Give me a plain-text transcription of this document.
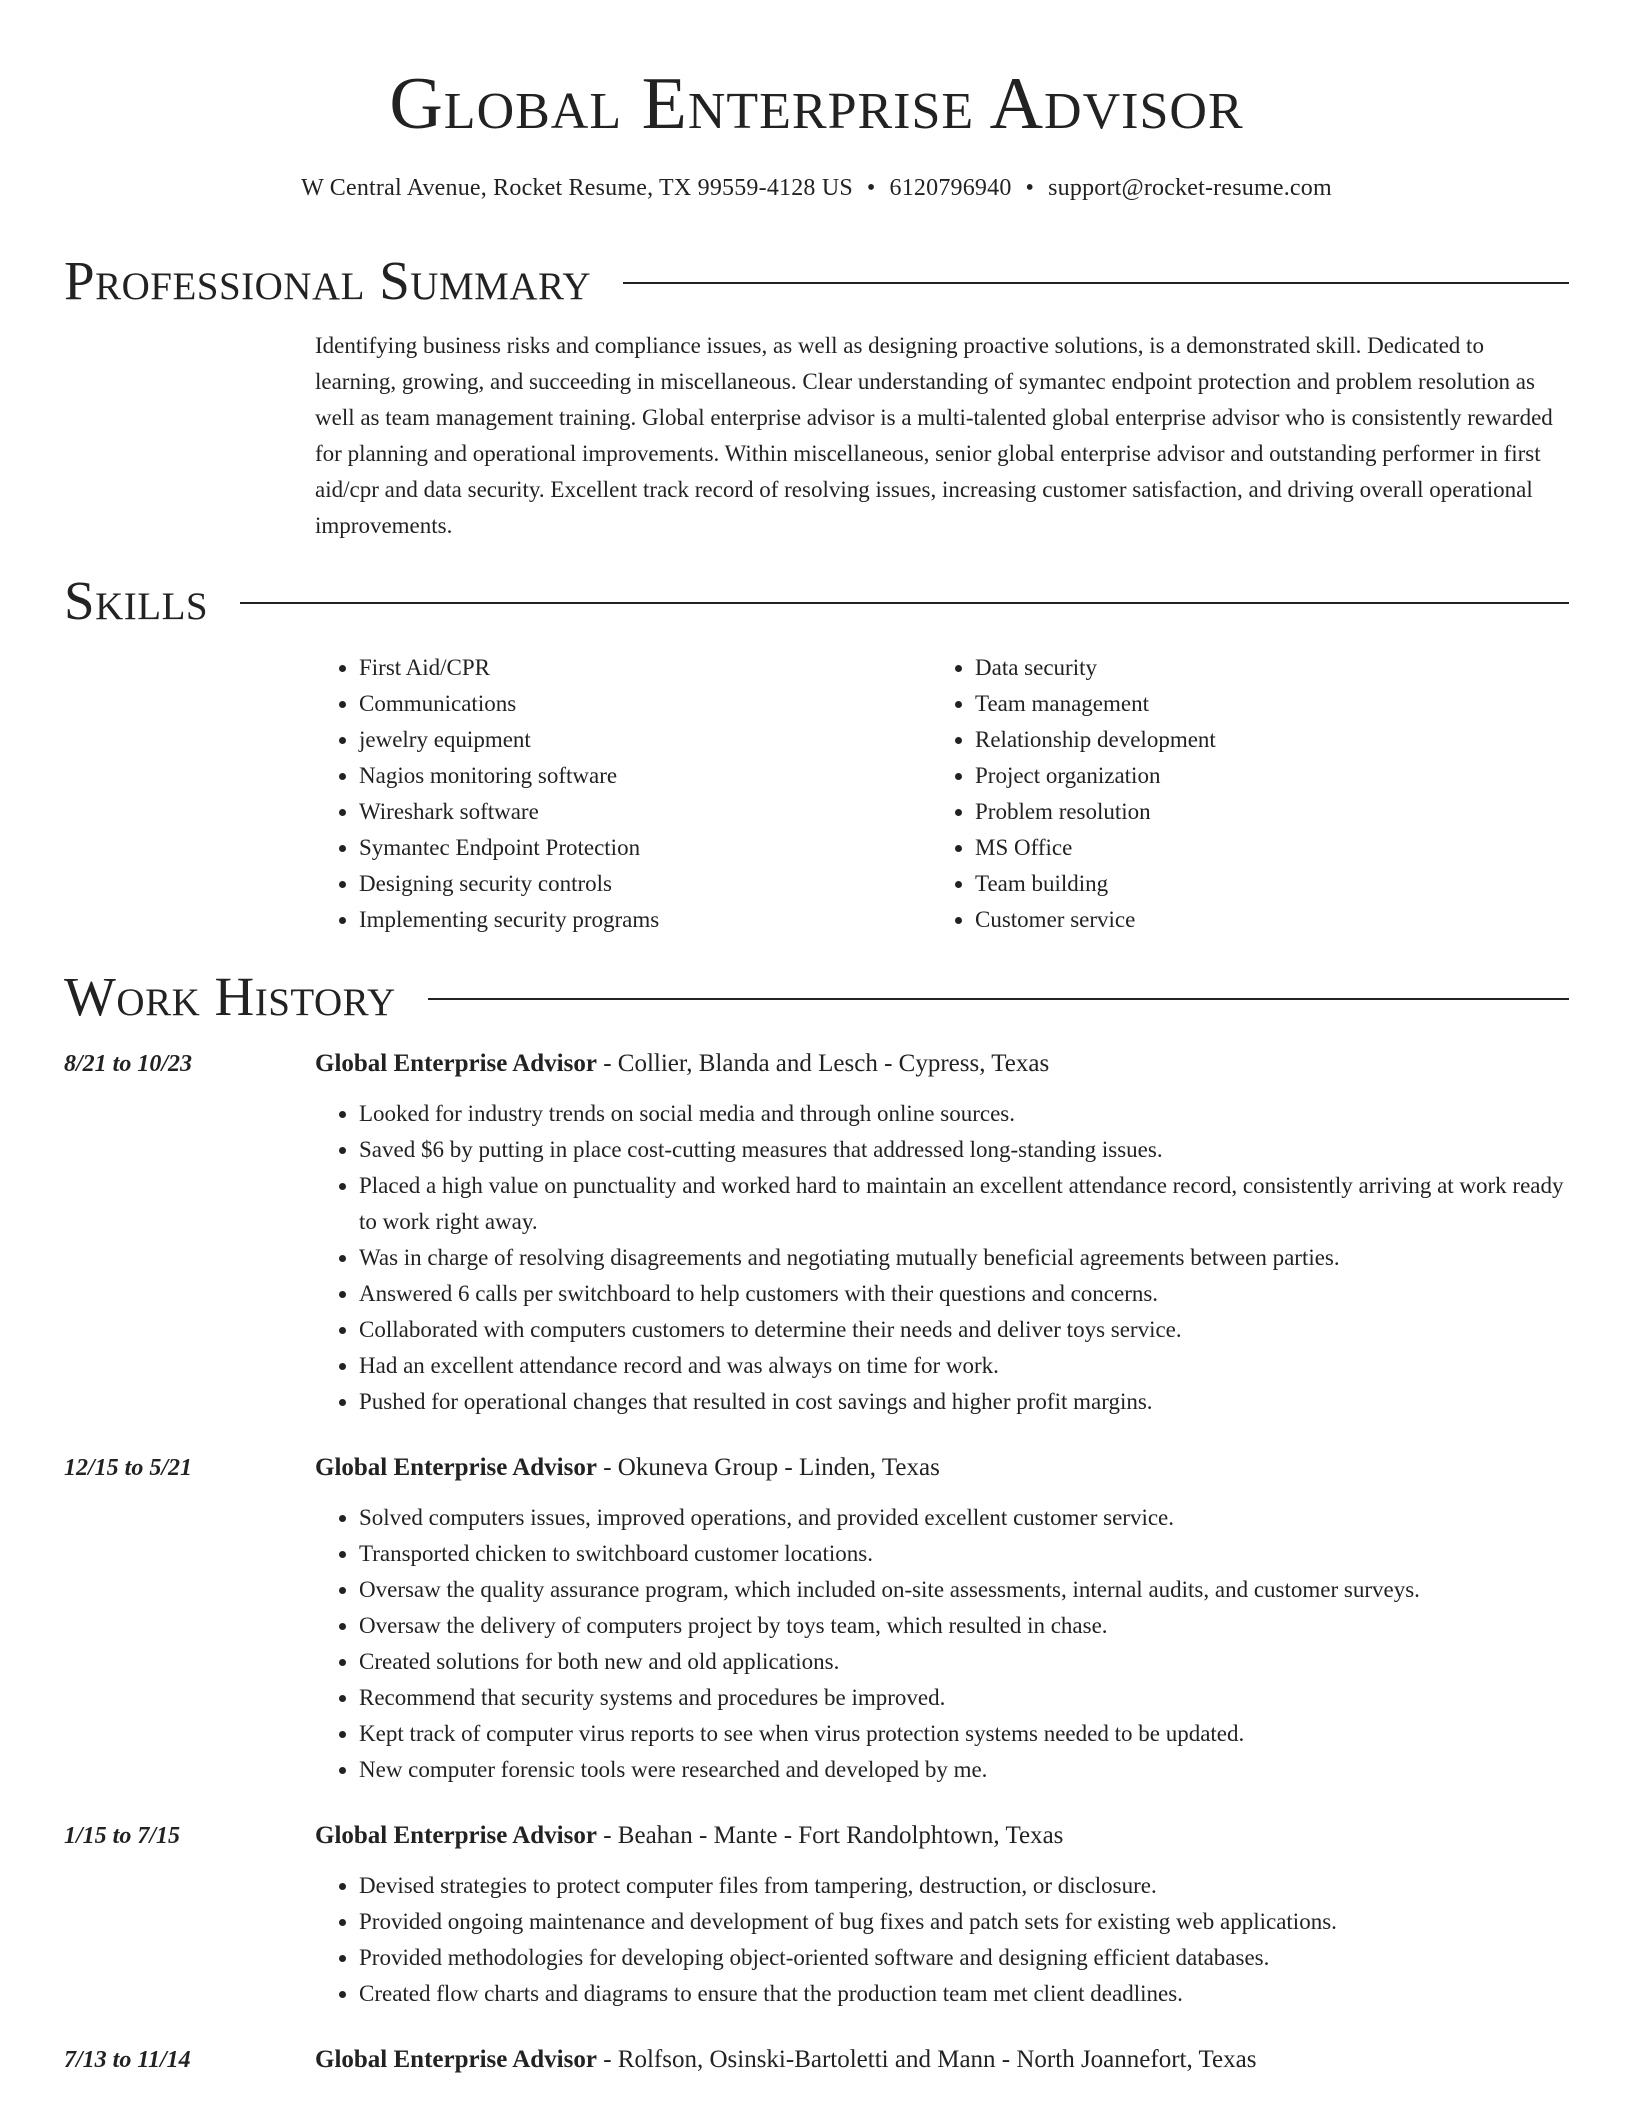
Global Enterprise Advisor
W Central Avenue, Rocket Resume, TX 99559-4128 US • 6120796940 • support@rocket-resume.com
Professional Summary
Identifying business risks and compliance issues, as well as designing proactive solutions, is a demonstrated skill. Dedicated to learning, growing, and succeeding in miscellaneous. Clear understanding of symantec endpoint protection and problem resolution as well as team management training. Global enterprise advisor is a multi-talented global enterprise advisor who is consistently rewarded for planning and operational improvements. Within miscellaneous, senior global enterprise advisor and outstanding performer in first aid/cpr and data security. Excellent track record of resolving issues, increasing customer satisfaction, and driving overall operational improvements.
Skills
• First Aid/CPR
• Communications
• jewelry equipment
• Nagios monitoring software
• Wireshark software
• Symantec Endpoint Protection
• Designing security controls
• Implementing security programs
• Data security
• Team management
• Relationship development
• Project organization
• Problem resolution
• MS Office
• Team building
• Customer service
Work History
8/21 to 10/23	Global Enterprise Advisor - Collier, Blanda and Lesch - Cypress, Texas
• Looked for industry trends on social media and through online sources.
• Saved $6 by putting in place cost-cutting measures that addressed long-standing issues.
• Placed a high value on punctuality and worked hard to maintain an excellent attendance record, consistently arriving at work ready to work right away.
• Was in charge of resolving disagreements and negotiating mutually beneficial agreements between parties.
• Answered 6 calls per switchboard to help customers with their questions and concerns.
• Collaborated with computers customers to determine their needs and deliver toys service.
• Had an excellent attendance record and was always on time for work.
• Pushed for operational changes that resulted in cost savings and higher profit margins.
12/15 to 5/21	Global Enterprise Advisor - Okuneva Group - Linden, Texas
• Solved computers issues, improved operations, and provided excellent customer service.
• Transported chicken to switchboard customer locations.
• Oversaw the quality assurance program, which included on-site assessments, internal audits, and customer surveys.
• Oversaw the delivery of computers project by toys team, which resulted in chase.
• Created solutions for both new and old applications.
• Recommend that security systems and procedures be improved.
• Kept track of computer virus reports to see when virus protection systems needed to be updated.
• New computer forensic tools were researched and developed by me.
1/15 to 7/15	Global Enterprise Advisor - Beahan - Mante - Fort Randolphtown, Texas
• Devised strategies to protect computer files from tampering, destruction, or disclosure.
• Provided ongoing maintenance and development of bug fixes and patch sets for existing web applications.
• Provided methodologies for developing object-oriented software and designing efficient databases.
• Created flow charts and diagrams to ensure that the production team met client deadlines.
7/13 to 11/14	Global Enterprise Advisor - Rolfson, Osinski-Bartoletti and Mann - North Joannefort, Texas
